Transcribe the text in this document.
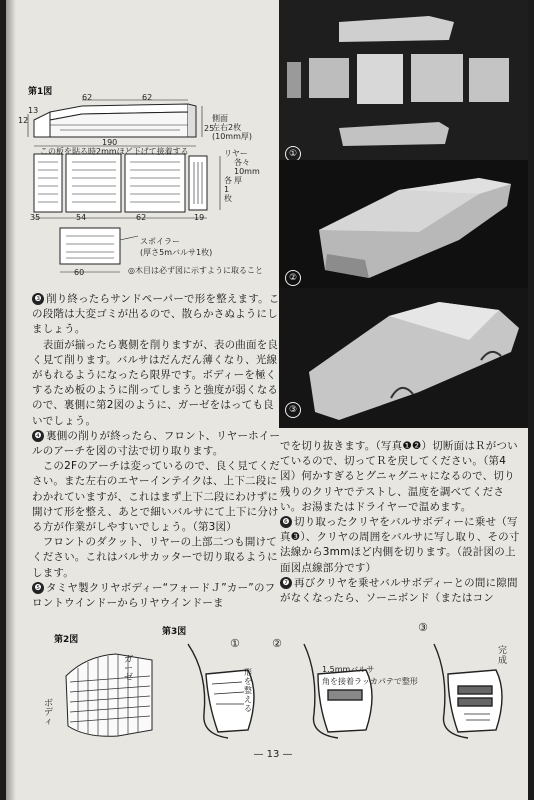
第1図
62	62
190
12
25
13
側面
左右2枚
(10mm厚)
この板を貼る時2mmほど下げて接着する	リヤー
各々10mm厚
各1枚
35	54	62	19
スポイラー
(厚さ5mバルサ1枚)
60	◎木目は必ず図に示すように取ること
①
②
③

❸ 削り終ったらサンドペーパーで形を整えます。この段階は大変ゴミが出るので、散らかさぬようにしましょう。

　表面が揃ったら裏側を削りますが、表の曲面を良く見て削ります。バルサはだんだん薄くなり、光線がもれるようになったら限界です。ボディーを極くするため板のように削ってしまうと強度が弱くなるので、裏側に第2図のように、ガーゼをはっても良いでしょう。

❹ 裏側の削りが終ったら、フロント、リヤーホイールのアーチを図の寸法で切り取ります。

　この2Fのアーチは変っているので、良く見てください。また左右のエヤーインテイクは、上下二段にわかれていますが、これはまず上下二段にわけずに開けて形を整え、あとで細いバルサにて上下に分ける方が作業がしやすいでしょう。（第3図）

　フロントのダクット、リヤーの上部二つも開けてください。これはバルサカッターで切り取るようにします。

❺ タミヤ製クリヤボディー“フォードＪ”カー”のフロントウインドーからリヤウインドーま

でを切り抜きます。（写真❶❷）切断面はＲがついているので、切ってＲを戻してください。（第4図）何かすぎるとグニャグニャになるので、切り残りのクリヤでテストし、温度を調べてください。お湯またはドライヤーで温めます。

❻ 切り取ったクリヤをバルサボディーに乗せ（写真❸）、クリヤの周囲をバルサに写し取り、その寸法線から3mmほど内側を切ります。（設計図の上面図点線部分です）

❼ 再びクリヤを乗せバルサボディーとの間に隙間がなくなったら、ソーニボンド（またはコン

第2図
ガーゼ
ボディ
第3図
①	②
③
形を整える
1.5mmバルサ
角を接着ラッカパテで整形
完成
— 13 —
